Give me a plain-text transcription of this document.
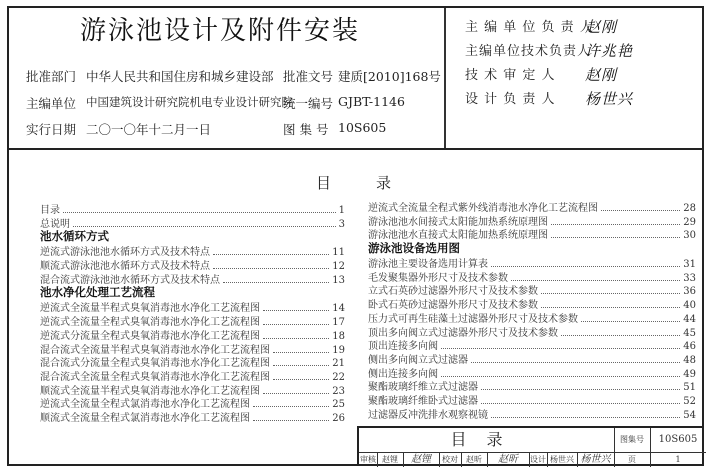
游泳池设计及附件安装
批准部门 中华人民共和国住房和城乡建设部 批准文号 建质[2010]168号
主编单位 中国建筑设计研究院机电专业设计研究院
统一编号 GJBT-1146
实行日期 二〇一〇年十二月一日	图 集 号 10S605
主 编 单 位 负 责 人
赵刚
主编单位技术负责人
许兆艳
技 术 审 定 人 赵刚
设 计 负 责 人 杨世兴
目	录
目录	1
总说明	3
池水循环方式
逆流式游泳池池水循环方式及技术特点	11
顺流式游泳池池水循环方式及技术特点	12
混合流式游泳池池水循环方式及技术特点	13
池水净化处理工艺流程
逆流式全流量半程式臭氧消毒池水净化工艺流程图	14
逆流式全流量全程式臭氧消毒池水净化工艺流程图	17
逆流式分流量全程式臭氧消毒池水净化工艺流程图	18
混合流式全流量半程式臭氧消毒池水净化工艺流程图	19
混合流式分流量全程式臭氧消毒池水净化工艺流程图	21
混合流式全流量全程式臭氧消毒池水净化工艺流程图	22
顺流式全流量半程式臭氧消毒池水净化工艺流程图	23
逆流式全流量全程式氯消毒池水净化工艺流程图	25
顺流式全流量全程式氯消毒池水净化工艺流程图	26
逆流式全流量全程式紫外线消毒池水净化工艺流程图	28
游泳池池水间接式太阳能加热系统原理图	29
游泳池池水直接式太阳能加热系统原理图	30
游泳池设备选用图
游泳池主要设备选用计算表	31
毛发聚集器外形尺寸及技术参数	33
立式石英砂过滤器外形尺寸及技术参数	36
卧式石英砂过滤器外形尺寸及技术参数	40
压力式可再生硅藻土过滤器外形尺寸及技术参数	44
顶出多向阀立式过滤器外形尺寸及技术参数	45
顶出连接多向阀	46
侧出多向阀立式过滤器	48
侧出连接多向阀	49
聚酯玻璃纤维立式过滤器	51
聚酯玻璃纤维卧式过滤器	52
过滤器反冲洗排水观察视镜	54
目录	图集号	10S605
审核 赵锂	赵锂	校对	赵昕	赵昕	设计 杨世兴 杨世兴	页	1
